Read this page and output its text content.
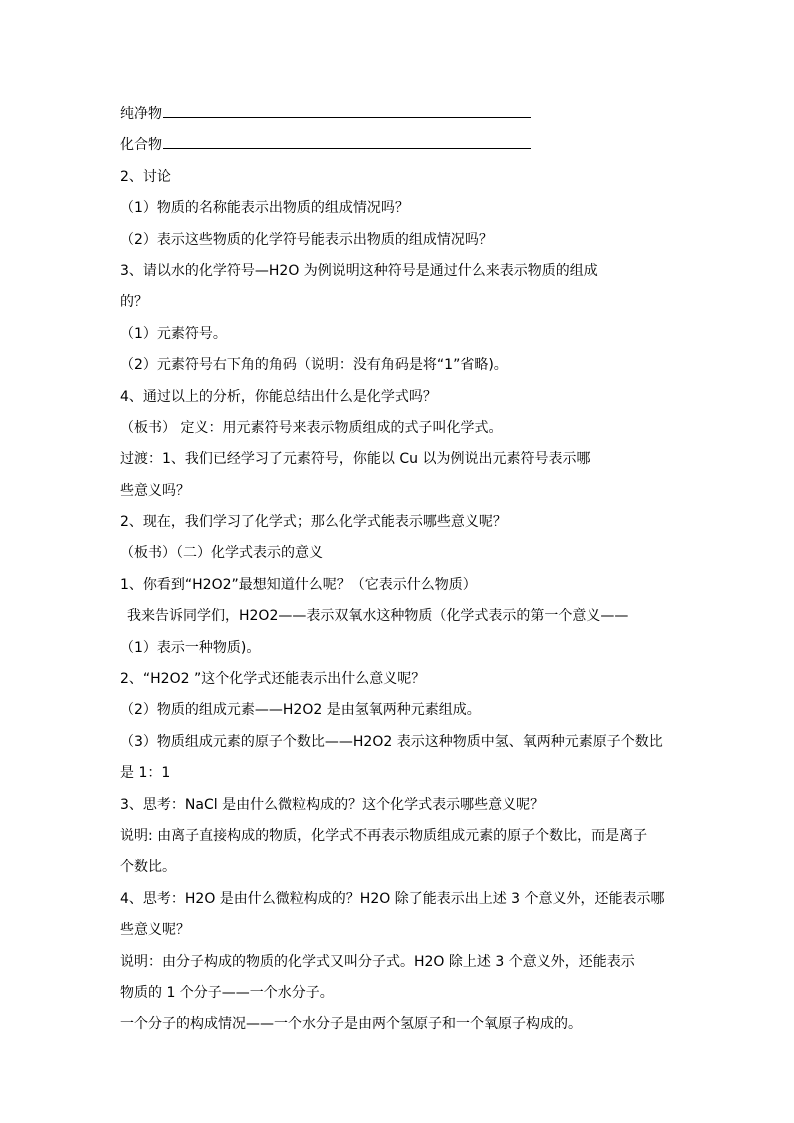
纯净物
化合物
2、讨论
（1）物质的名称能表示出物质的组成情况吗？
（2）表示这些物质的化学符号能表示出物质的组成情况吗？
3、请以水的化学符号—H2O 为例说明这种符号是通过什么来表示物质的组成
的？
（1）元素符号。
（2）元素符号右下角的角码（说明：没有角码是将“1”省略)。
4、通过以上的分析，你能总结出什么是化学式吗？
（板书） 定义：用元素符号来表示物质组成的式子叫化学式。
过渡：1、我们已经学习了元素符号，你能以 Cu 以为例说出元素符号表示哪
些意义吗？
2、现在，我们学习了化学式；那么化学式能表示哪些意义呢？
（板书）（二）化学式表示的意义
1、你看到“H2O2”最想知道什么呢？（它表示什么物质）
我来告诉同学们，H2O2——表示双氧水这种物质（化学式表示的第一个意义——
（1）表示一种物质)。
2、“H2O2 ”这个化学式还能表示出什么意义呢？
（2）物质的组成元素——H2O2 是由氢氧两种元素组成。
（3）物质组成元素的原子个数比——H2O2 表示这种物质中氢、氧两种元素原子个数比
是 1：1
3、思考：NaCl 是由什么微粒构成的？这个化学式表示哪些意义呢？
说明: 由离子直接构成的物质，化学式不再表示物质组成元素的原子个数比，而是离子
个数比。
4、思考：H2O 是由什么微粒构成的？H2O 除了能表示出上述 3 个意义外，还能表示哪
些意义呢？
说明：由分子构成的物质的化学式又叫分子式。H2O 除上述 3 个意义外，还能表示
物质的 1 个分子——一个水分子。
一个分子的构成情况——一个水分子是由两个氢原子和一个氧原子构成的。
